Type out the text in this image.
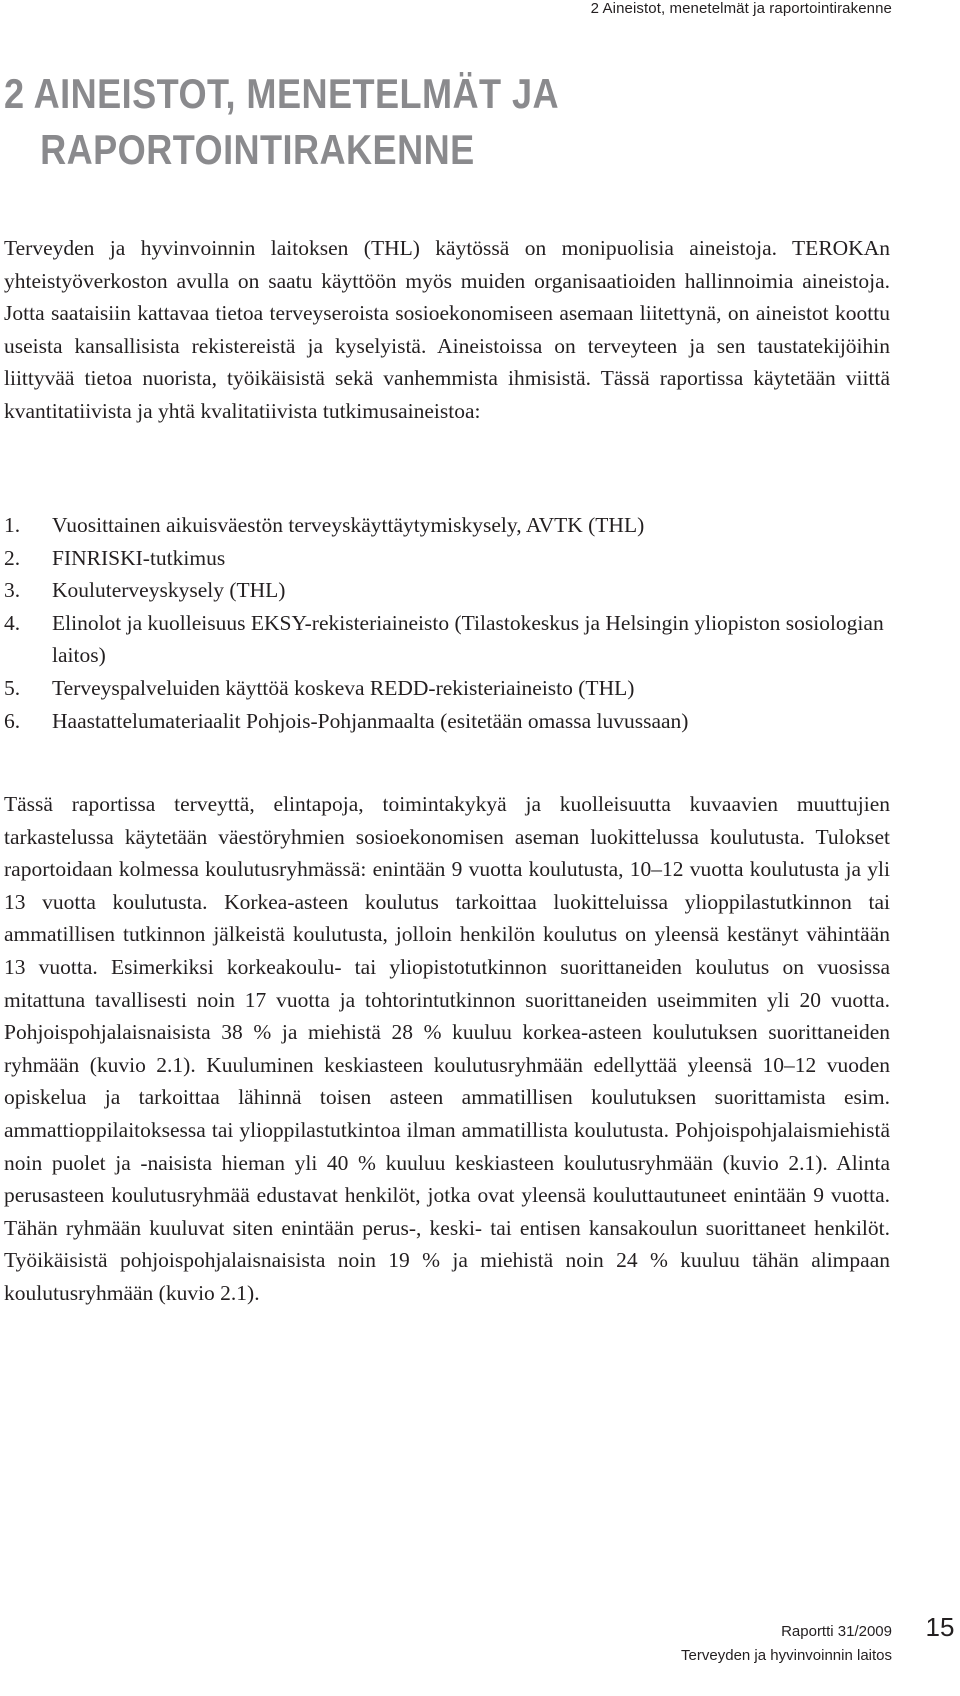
2 Aineistot, menetelmät ja raportointirakenne
2 AINEISTOT, MENETELMÄT JA
RAPORTOINTIRAKENNE

Terveyden ja hyvinvoinnin laitoksen (THL) käytössä on monipuolisia aineistoja. TEROKAn yhteistyöverkoston avulla on saatu käyttöön myös muiden organisaatioiden hallinnoimia aineistoja. Jotta saataisiin kattavaa tietoa terveyseroista sosioekonomiseen asemaan liitettynä, on aineistot koottu useista kansallisista rekistereistä ja kyselyistä. Aineistoissa on terveyteen ja sen taustatekijöihin liittyvää tietoa nuorista, työikäisistä sekä vanhemmista ihmisistä. Tässä raportissa käytetään viittä kvantitatiivista ja yhtä kvalitatiivista tutkimusaineistoa:

1.	Vuosittainen aikuisväestön terveyskäyttäytymiskysely, AVTK (THL)
2.	FINRISKI-tutkimus
3.	Kouluterveyskysely (THL)
4.	Elinolot ja kuolleisuus EKSY-rekisteriaineisto (Tilastokeskus ja Helsingin yliopiston sosiologian laitos)
5.	Terveyspalveluiden käyttöä koskeva REDD-rekisteriaineisto (THL)
6.	Haastattelumateriaalit Pohjois-Pohjanmaalta (esitetään omassa luvussaan)

Tässä raportissa terveyttä, elintapoja, toimintakykyä ja kuolleisuutta kuvaavien muuttujien tarkastelussa käytetään väestöryhmien sosioekonomisen aseman luokittelussa koulutusta. Tulokset raportoidaan kolmessa koulutusryhmässä: enintään 9 vuotta koulutusta, 10–12 vuotta koulutusta ja yli 13 vuotta koulutusta. Korkea-asteen koulutus tarkoittaa luokitteluissa ylioppilastutkinnon tai ammatillisen tutkinnon jälkeistä koulutusta, jolloin henkilön koulutus on yleensä kestänyt vähintään 13 vuotta. Esimerkiksi korkeakoulu- tai yliopistotutkinnon suorittaneiden koulutus on vuosissa mitattuna tavallisesti noin 17 vuotta ja tohtorintutkinnon suorittaneiden useimmiten yli 20 vuotta. Pohjoispohjalaisnaisista 38 % ja miehistä 28 % kuuluu korkea-asteen koulutuksen suorittaneiden ryhmään (kuvio 2.1). Kuuluminen keskiasteen koulutusryhmään edellyttää yleensä 10–12 vuoden opiskelua ja tarkoittaa lähinnä toisen asteen ammatillisen koulutuksen suorittamista esim. ammattioppilaitoksessa tai ylioppilastutkintoa ilman ammatillista koulutusta. Pohjoispohjalaismiehistä noin puolet ja -naisista hieman yli 40 % kuuluu keskiasteen koulutusryhmään (kuvio 2.1). Alinta perusasteen koulutusryhmää edustavat henkilöt, jotka ovat yleensä kouluttautuneet enintään 9 vuotta. Tähän ryhmään kuuluvat siten enintään perus-, keski- tai entisen kansakoulun suorittaneet henkilöt. Työikäisistä pohjoispohjalaisnaisista noin 19 % ja miehistä noin 24 % kuuluu tähän alimpaan koulutusryhmään (kuvio 2.1).

Raportti 31/2009
Terveyden ja hyvinvoinnin laitos
15
